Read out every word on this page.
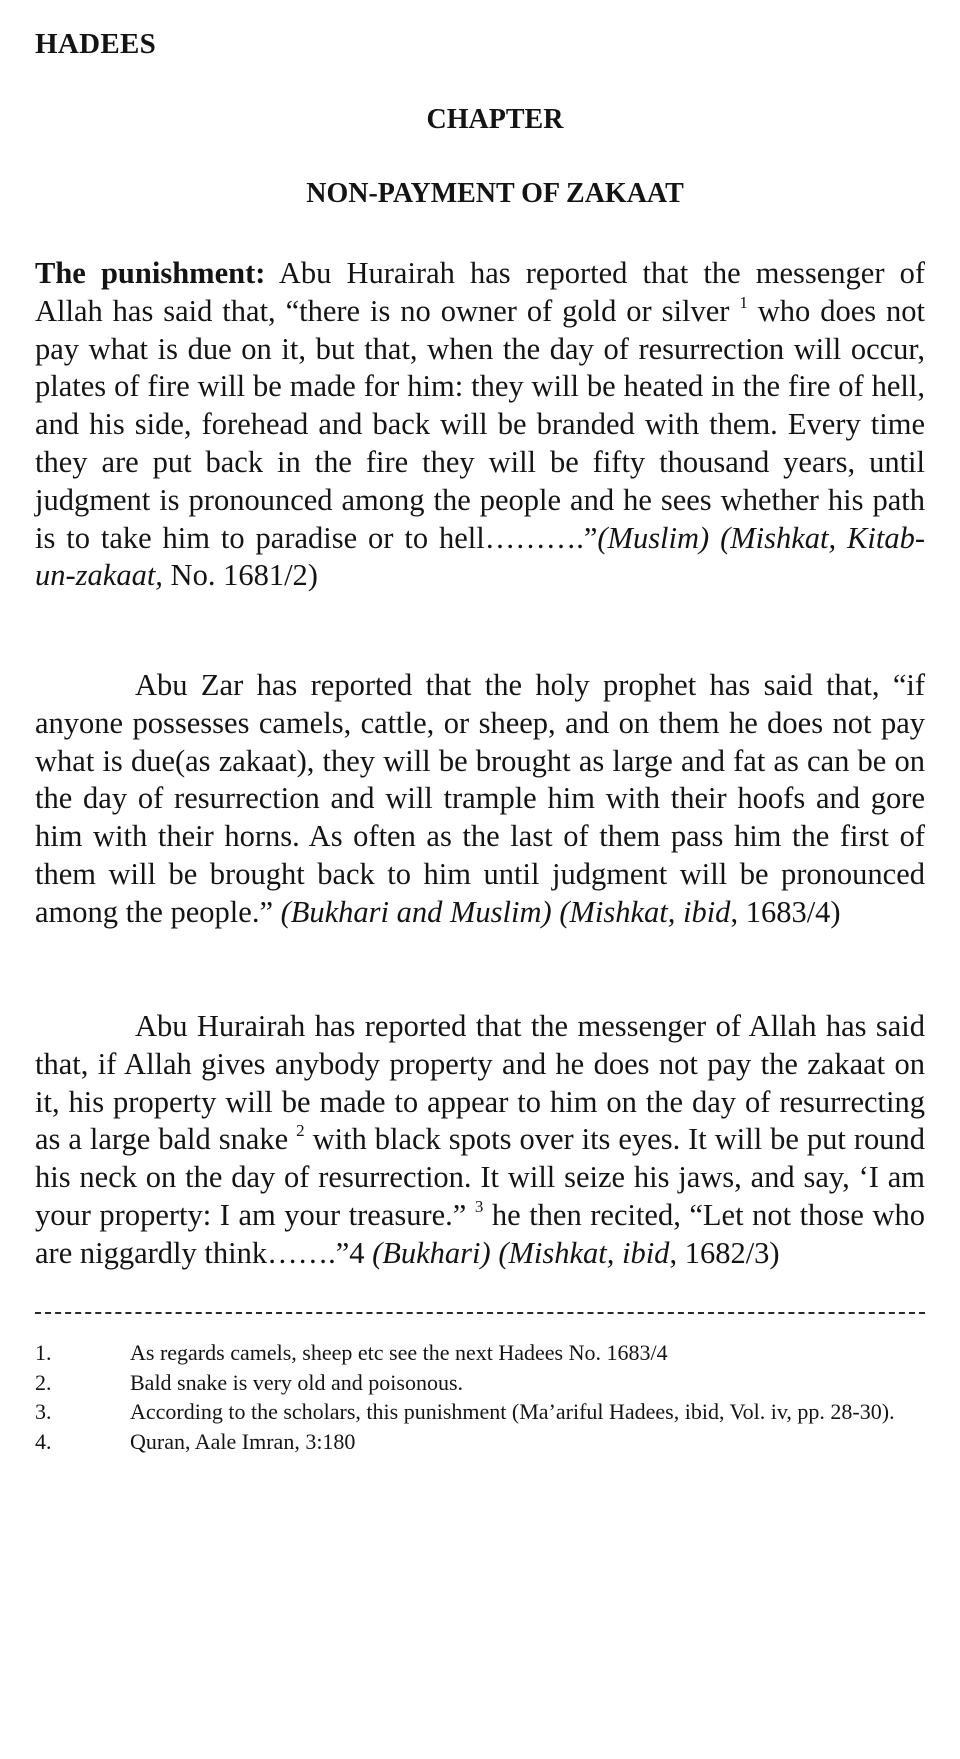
HADEES
CHAPTER
NON-PAYMENT OF ZAKAAT

The punishment: Abu Hurairah has reported that the messenger of Allah has said that, “there is no owner of gold or silver $^1$ who does not pay what is due on it, but that, when the day of resurrection will occur, plates of fire will be made for him: they will be heated in the fire of hell, and his side, forehead and back will be branded with them. Every time they are put back in the fire they will be fifty thousand years, until judgment is pronounced among the people and he sees whether his path is to take him to paradise or to hell……….”(Muslim) (Mishkat, Kitab-un-zakaat, No. 1681/2)

Abu Zar has reported that the holy prophet has said that, “if anyone possesses camels, cattle, or sheep, and on them he does not pay what is due(as zakaat), they will be brought as large and fat as can be on the day of resurrection and will trample him with their hoofs and gore him with their horns. As often as the last of them pass him the first of them will be brought back to him until judgment will be pronounced among the people.” (Bukhari and Muslim) (Mishkat, ibid, 1683/4)

Abu Hurairah has reported that the messenger of Allah has said that, if Allah gives anybody property and he does not pay the zakaat on it, his property will be made to appear to him on the day of resurrecting as a large bald snake $^2$ with black spots over its eyes. It will be put round his neck on the day of resurrection. It will seize his jaws, and say, ‘I am your property: I am your treasure.” $^3$ he then recited, “Let not those who are niggardly think…….”4 (Bukhari) (Mishkat, ibid, 1682/3)

1.	As regards camels, sheep etc see the next Hadees No. 1683/4
2.	Bald snake is very old and poisonous.

3.	According to the scholars, this punishment (Ma’ariful Hadees, ibid, Vol. iv, pp. 28-30).

4.	Quran, Aale Imran, 3:180
